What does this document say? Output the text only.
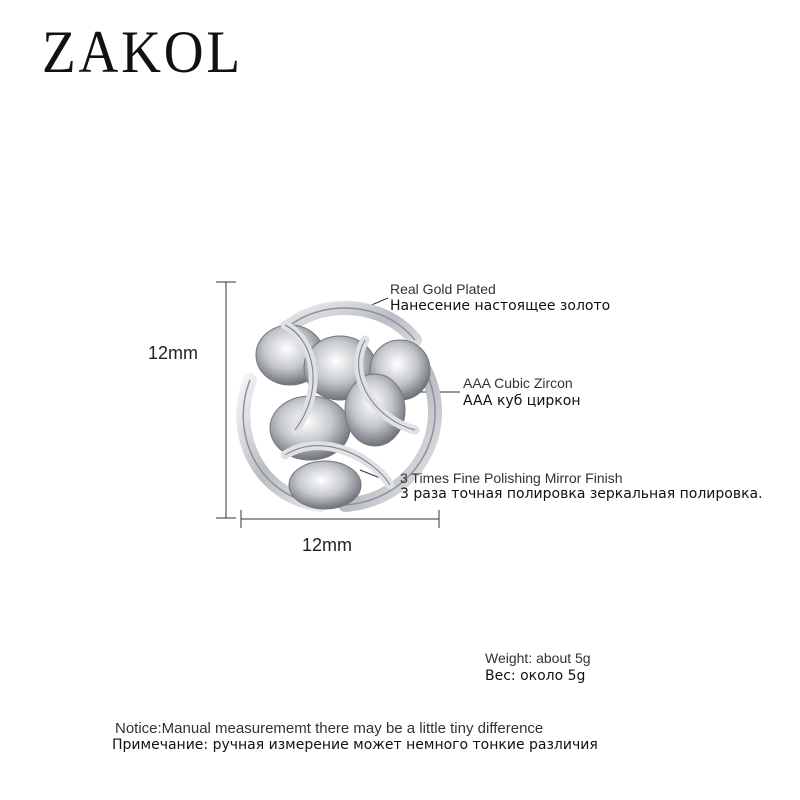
ZAKOL
12mm
12mm
Real Gold Plated
Нанесение настоящее золото
AAA Cubic Zircon
AAA куб циркон
3 Times Fine Polishing Mirror Finish
3 раза точная полировка зеркальная полировка.
Weight: about 5g
Вес: около 5g
Notice:Manual measurememt there may be a little tiny difference
Примечание: ручная измерение может немного тонкие различия
